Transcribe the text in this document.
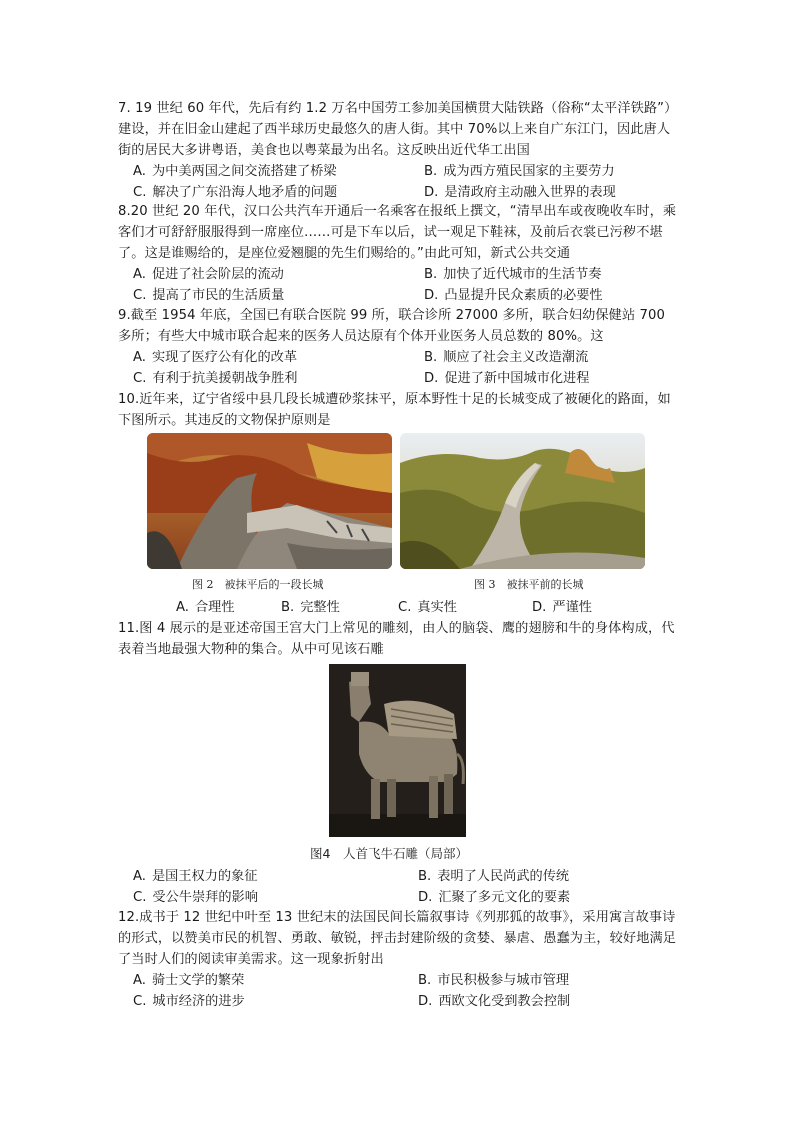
7. 19 世纪 60 年代，先后有约 1.2 万名中国劳工参加美国横贯大陆铁路（俗称“太平洋铁路”）建设，并在旧金山建起了西半球历史最悠久的唐人街。其中 70%以上来自广东江门，因此唐人街的居民大多讲粤语，美食也以粤菜最为出名。这反映出近代华工出国
A. 为中美两国之间交流搭建了桥梁	B. 成为西方殖民国家的主要劳力
C. 解决了广东沿海人地矛盾的问题	D. 是清政府主动融入世界的表现
8.20 世纪 20 年代，汉口公共汽车开通后一名乘客在报纸上撰文，“清早出车或夜晚收车时，乘客们才可舒舒服服得到一席座位……可是下车以后，试一观足下鞋袜，及前后衣裳已污秽不堪了。这是谁赐给的，是座位爱翘腿的先生们赐给的。”由此可知，新式公共交通
A. 促进了社会阶层的流动	B. 加快了近代城市的生活节奏
C. 提高了市民的生活质量	D. 凸显提升民众素质的必要性
9.截至 1954 年底，全国已有联合医院 99 所，联合诊所 27000 多所，联合妇幼保健站 700 多所；有些大中城市联合起来的医务人员达原有个体开业医务人员总数的 80%。这
A. 实现了医疗公有化的改革	B. 顺应了社会主义改造潮流
C. 有利于抗美援朝战争胜利	D. 促进了新中国城市化进程
10.近年来，辽宁省绥中县几段长城遭砂浆抹平，原本野性十足的长城变成了被硬化的路面，如下图所示。其违反的文物保护原则是
图 2　被抹平后的一段长城	图 3　被抹平前的长城
A. 合理性	B. 完整性	C. 真实性	D. 严谨性
11.图 4 展示的是亚述帝国王宫大门上常见的雕刻，由人的脑袋、鹰的翅膀和牛的身体构成，代表着当地最强大物种的集合。从中可见该石雕
图4　人首飞牛石雕（局部）
A. 是国王权力的象征	B. 表明了人民尚武的传统
C. 受公牛崇拜的影响	D. 汇聚了多元文化的要素
12.成书于 12 世纪中叶至 13 世纪末的法国民间长篇叙事诗《列那狐的故事》，采用寓言故事诗的形式，以赞美市民的机智、勇敢、敏锐，抨击封建阶级的贪婪、暴虐、愚蠢为主，较好地满足了当时人们的阅读审美需求。这一现象折射出
A. 骑士文学的繁荣	B. 市民积极参与城市管理
C. 城市经济的进步	D. 西欧文化受到教会控制
